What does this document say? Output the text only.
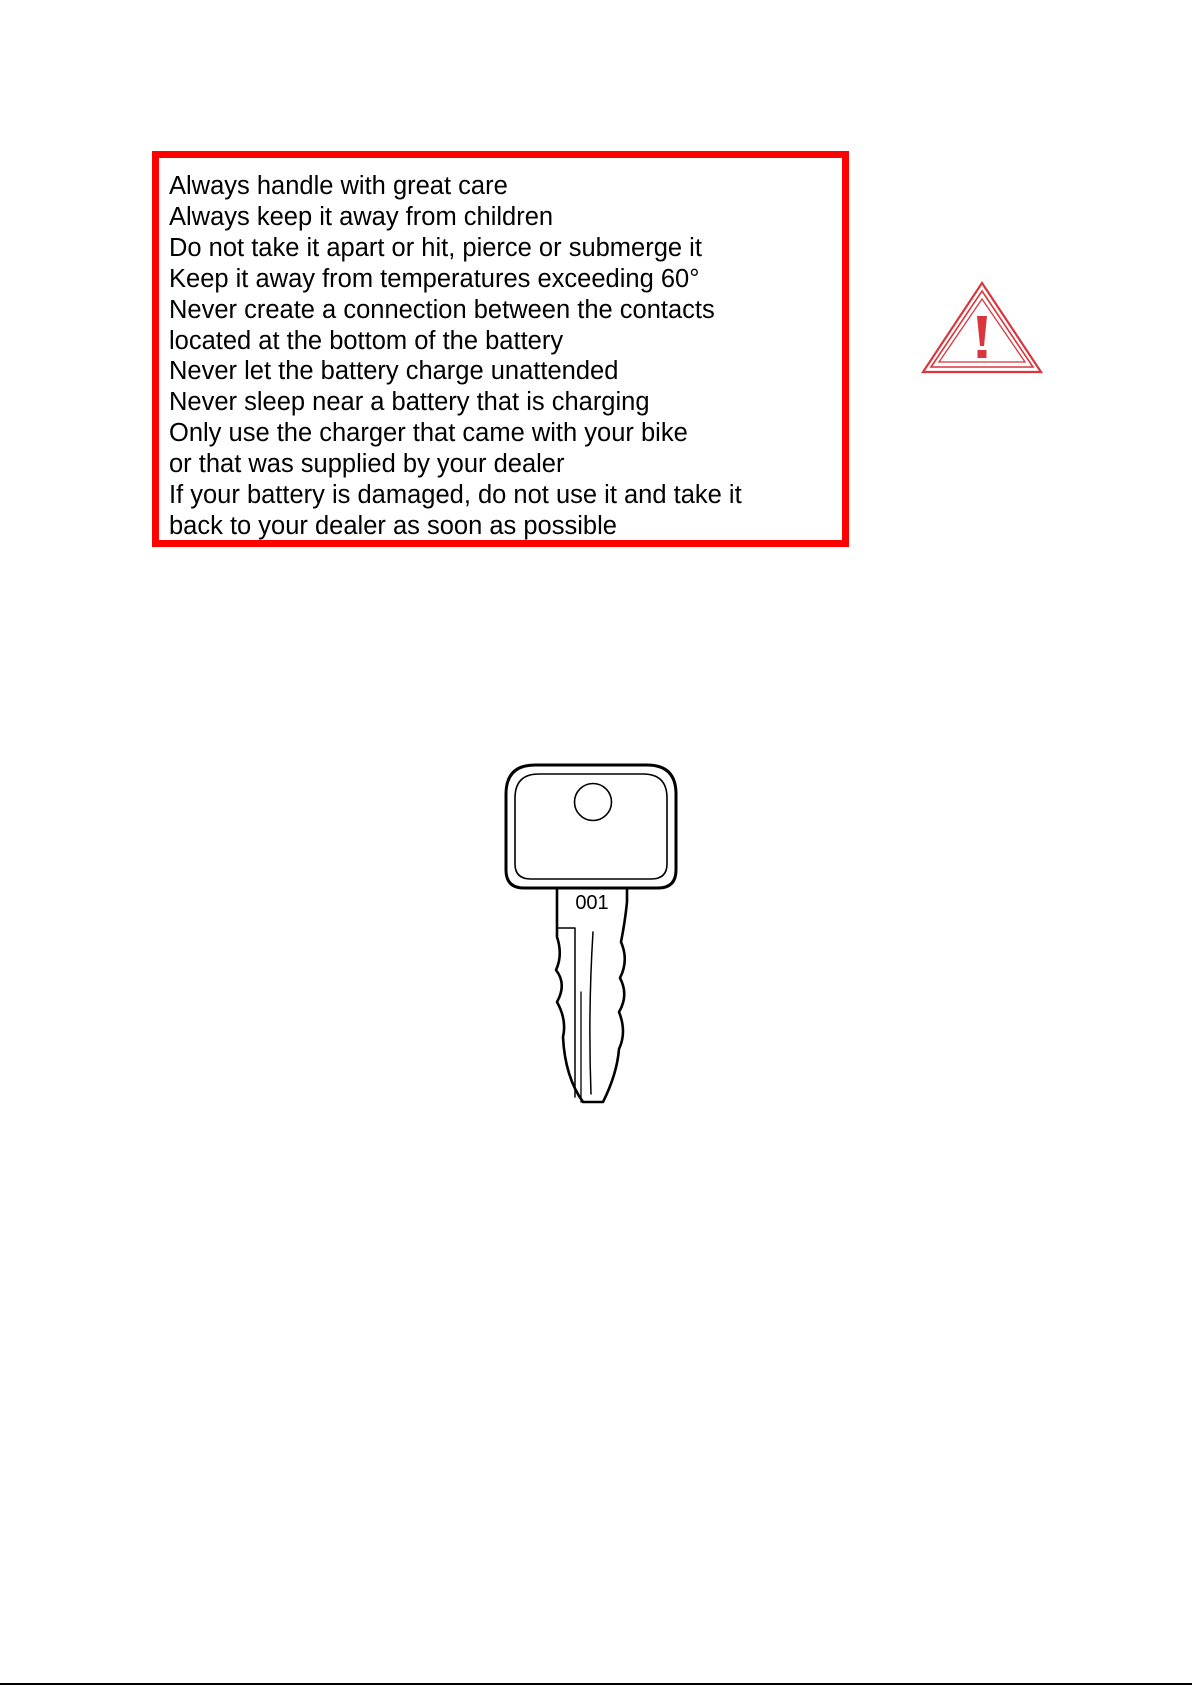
Always handle with great care
Always keep it away from children
Do not take it apart or hit, pierce or submerge it
Keep it away from temperatures exceeding 60°
Never create a connection between the contacts
located at the bottom of the battery
Never let the battery charge unattended
Never sleep near a battery that is charging
Only use the charger that came with your bike
or that was supplied by your dealer
If your battery is damaged, do not use it and take it
back to your dealer as soon as possible
001
